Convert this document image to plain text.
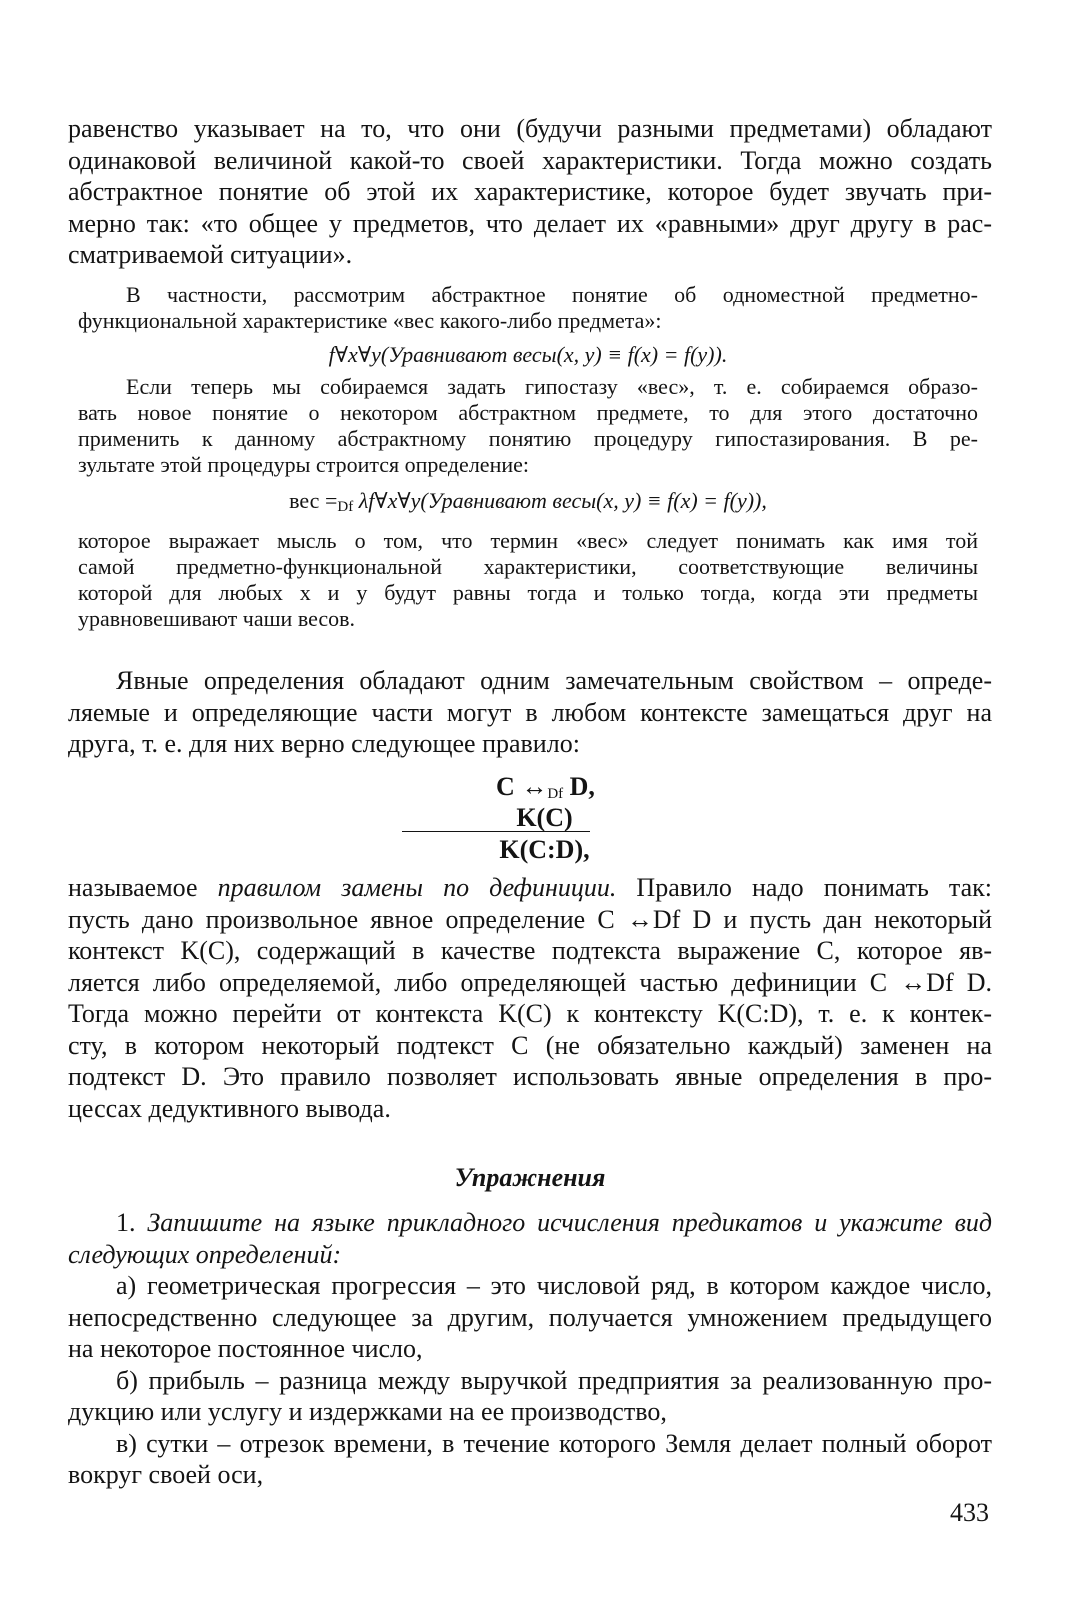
равенство указывает на то, что они (будучи разными предметами) обладают

одинаковой величиной какой-то своей характеристики. Тогда можно создать

абстрактное понятие об этой их характеристике, которое будет звучать при-

мерно так: «то общее у предметов, что делает их «равными» друг другу в рас-

сматриваемой ситуации».

В частности, рассмотрим абстрактное понятие об одноместной предметно-

функциональной характеристике «вес какого-либо предмета»:

f∀x∀y(Уравнивают весы(x, y) ≡ f(x) = f(y)).

Если теперь мы собираемся задать гипостазу «вес», т. е. собираемся образо-

вать новое понятие о некотором абстрактном предмете, то для этого достаточно

применить к данному абстрактному понятию процедуру гипостазирования. В ре-

зультате этой процедуры строится определение:

вес $=_{Df}$ λf∀x∀y(Уравнивают весы(x, y) ≡ f(x) = f(y)),

которое выражает мысль о том, что термин «вес» следует понимать как имя той

самой предметно-функциональной характеристики, соответствующие величины

которой для любых x и y будут равны тогда и только тогда, когда эти предметы

уравновешивают чаши весов.

Явные определения обладают одним замечательным свойством – опреде-

ляемые и определяющие части могут в любом контексте замещаться друг на

друга, т. е. для них верно следующее правило:

C $\leftrightarrow_{Df}$ D,
K(C)
K(C:D),

называемое правилом замены по дефиниции. Правило надо понимать так:

пусть дано произвольное явное определение C ↔Df D и пусть дан некоторый

контекст K(C), содержащий в качестве подтекста выражение C, которое яв-

ляется либо определяемой, либо определяющей частью дефиниции C ↔Df D.

Тогда можно перейти от контекста K(C) к контексту K(C:D), т. е. к контек-

сту, в котором некоторый подтекст C (не обязательно каждый) заменен на

подтекст D. Это правило позволяет использовать явные определения в про-

цессах дедуктивного вывода.

Упражнения

1. Запишите на языке прикладного исчисления предикатов и укажите вид

следующих определений:

а) геометрическая прогрессия – это числовой ряд, в котором каждое число,

непосредственно следующее за другим, получается умножением предыдущего

на некоторое постоянное число,

б) прибыль – разница между выручкой предприятия за реализованную про-

дукцию или услугу и издержками на ее производство,

в) сутки – отрезок времени, в течение которого Земля делает полный оборот

вокруг своей оси,

433
